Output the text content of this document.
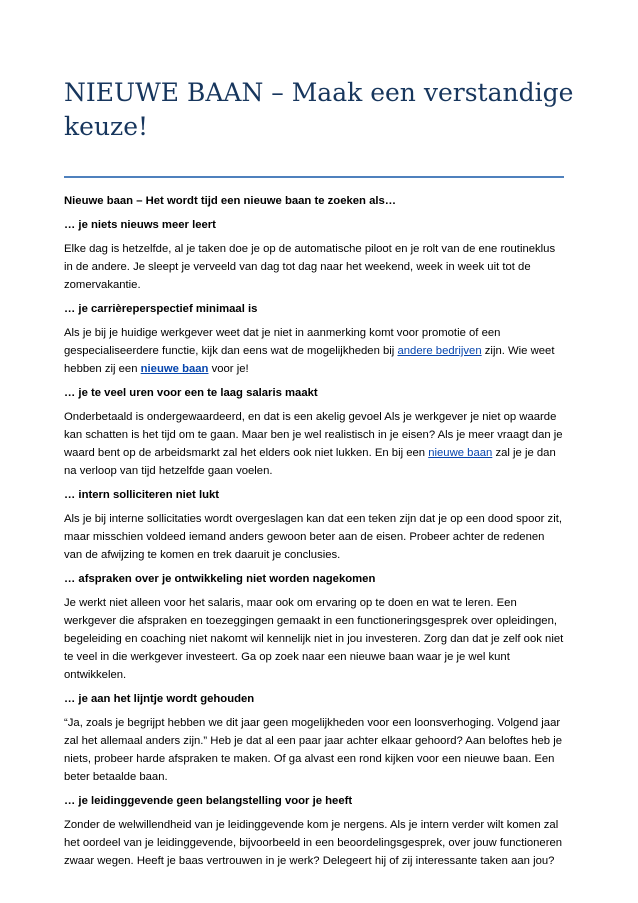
NIEUWE BAAN – Maak een verstandige keuze!

Nieuwe baan – Het wordt tijd een nieuwe baan te zoeken als…

… je niets nieuws meer leert

Elke dag is hetzelfde, al je taken doe je op de automatische piloot en je rolt van de ene routineklus in de andere. Je sleept je verveeld van dag tot dag naar het weekend, week in week uit tot de zomervakantie.

… je carrièreperspectief minimaal is

Als je bij je huidige werkgever weet dat je niet in aanmerking komt voor promotie of een gespecialiseerdere functie, kijk dan eens wat de mogelijkheden bij andere bedrijven zijn. Wie weet hebben zij een nieuwe baan voor je!

… je te veel uren voor een te laag salaris maakt

Onderbetaald is ondergewaardeerd, en dat is een akelig gevoel Als je werkgever je niet op waarde kan schatten is het tijd om te gaan. Maar ben je wel realistisch in je eisen? Als je meer vraagt dan je waard bent op de arbeidsmarkt zal het elders ook niet lukken. En bij een nieuwe baan zal je je dan na verloop van tijd hetzelfde gaan voelen.

… intern solliciteren niet lukt

Als je bij interne sollicitaties wordt overgeslagen kan dat een teken zijn dat je op een dood spoor zit, maar misschien voldeed iemand anders gewoon beter aan de eisen. Probeer achter de redenen van de afwijzing te komen en trek daaruit je conclusies.

… afspraken over je ontwikkeling niet worden nagekomen

Je werkt niet alleen voor het salaris, maar ook om ervaring op te doen en wat te leren. Een werkgever die afspraken en toezeggingen gemaakt in een functioneringsgesprek over opleidingen, begeleiding en coaching niet nakomt wil kennelijk niet in jou investeren. Zorg dan dat je zelf ook niet te veel in die werkgever investeert. Ga op zoek naar een nieuwe baan waar je je wel kunt ontwikkelen.

… je aan het lijntje wordt gehouden

“Ja, zoals je begrijpt hebben we dit jaar geen mogelijkheden voor een loonsverhoging. Volgend jaar zal het allemaal anders zijn.” Heb je dat al een paar jaar achter elkaar gehoord? Aan beloftes heb je niets, probeer harde afspraken te maken. Of ga alvast een rond kijken voor een nieuwe baan. Een beter betaalde baan.

… je leidinggevende geen belangstelling voor je heeft

Zonder de welwillendheid van je leidinggevende kom je nergens. Als je intern verder wilt komen zal het oordeel van je leidinggevende, bijvoorbeeld in een beoordelingsgesprek, over jouw functioneren zwaar wegen. Heeft je baas vertrouwen in je werk? Delegeert hij of zij interessante taken aan jou?
